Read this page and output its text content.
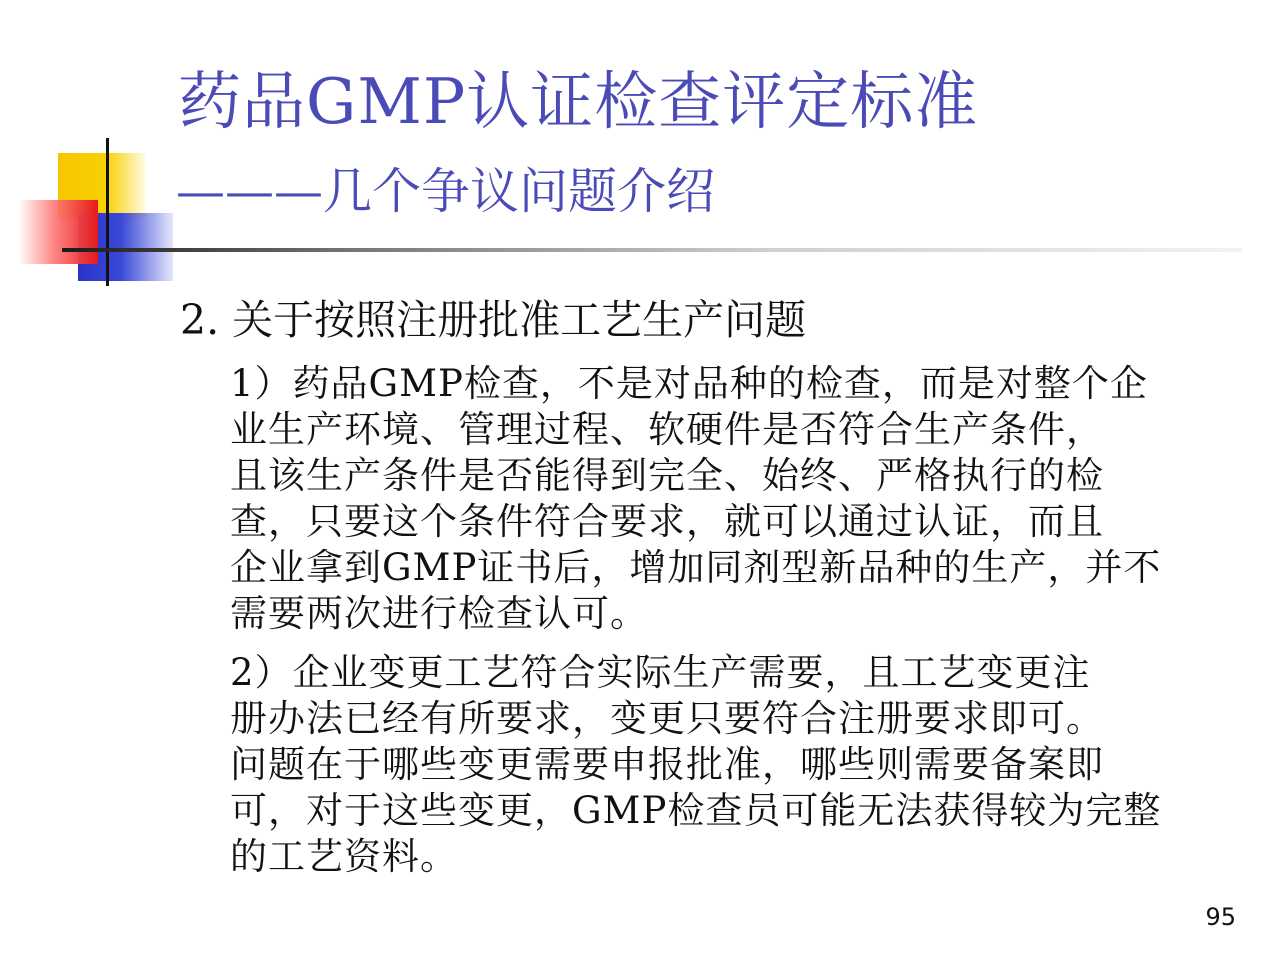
药品GMP认证检查评定标准
———几个争议问题介绍
2. 关于按照注册批准工艺生产问题
1）药品GMP检查，不是对品种的检查，而是对整个企
业生产环境、管理过程、软硬件是否符合生产条件，
且该生产条件是否能得到完全、始终、严格执行的检
查，只要这个条件符合要求，就可以通过认证，而且
企业拿到GMP证书后，增加同剂型新品种的生产，并不
需要两次进行检查认可。
2）企业变更工艺符合实际生产需要，且工艺变更注
册办法已经有所要求，变更只要符合注册要求即可。
问题在于哪些变更需要申报批准，哪些则需要备案即
可，对于这些变更，GMP检查员可能无法获得较为完整
的工艺资料。
95
